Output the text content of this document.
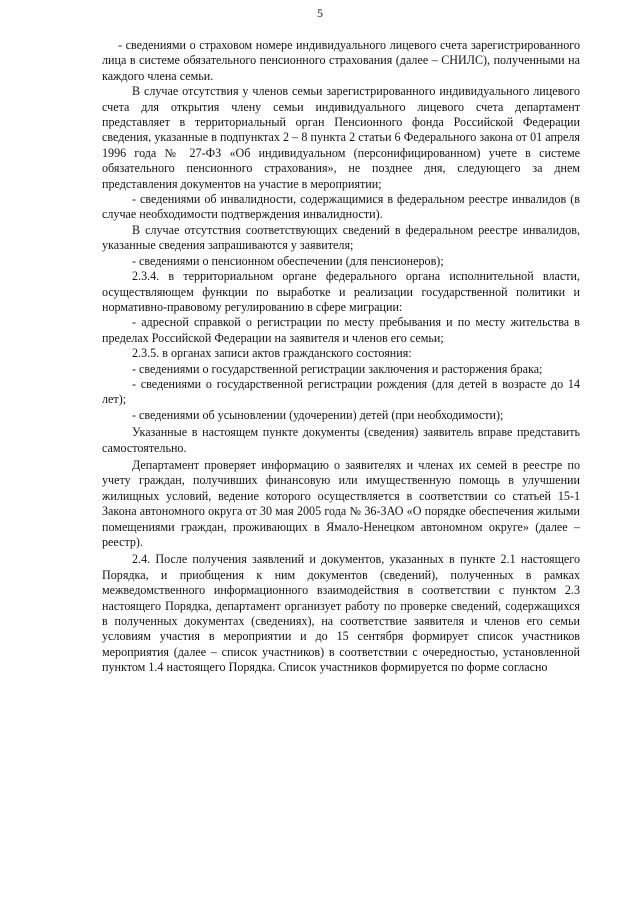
5

- сведениями о страховом номере индивидуального лицевого счета зарегистрированного лица в системе обязательного пенсионного страхования (далее – СНИЛС), полученными на каждого члена семьи.

В случае отсутствия у членов семьи зарегистрированного индивидуального лицевого счета для открытия члену семьи индивидуального лицевого счета департамент представляет в территориальный орган Пенсионного фонда Российской Федерации сведения, указанные в подпунктах 2 – 8 пункта 2 статьи 6 Федерального закона от 01 апреля 1996 года № 27-ФЗ «Об индивидуальном (персонифицированном) учете в системе обязательного пенсионного страхования», не позднее дня, следующего за днем представления документов на участие в мероприятии;

- сведениями об инвалидности, содержащимися в федеральном реестре инвалидов (в случае необходимости подтверждения инвалидности).

В случае отсутствия соответствующих сведений в федеральном реестре инвалидов, указанные сведения запрашиваются у заявителя;

- сведениями о пенсионном обеспечении (для пенсионеров);

2.3.4. в территориальном органе федерального органа исполнительной власти, осуществляющем функции по выработке и реализации государственной политики и нормативно-правовому регулированию в сфере миграции:

- адресной справкой о регистрации по месту пребывания и по месту жительства в пределах Российской Федерации на заявителя и членов его семьи;

2.3.5. в органах записи актов гражданского состояния:

- сведениями о государственной регистрации заключения и расторжения брака;

- сведениями о государственной регистрации рождения (для детей в возрасте до 14 лет);

- сведениями об усыновлении (удочерении) детей (при необходимости);

Указанные в настоящем пункте документы (сведения) заявитель вправе представить самостоятельно.

Департамент проверяет информацию о заявителях и членах их семей в реестре по учету граждан, получивших финансовую или имущественную помощь в улучшении жилищных условий, ведение которого осуществляется в соответствии со статьей 15-1 Закона автономного округа от 30 мая 2005 года № 36-ЗАО «О порядке обеспечения жилыми помещениями граждан, проживающих в Ямало-Ненецком автономном округе» (далее – реестр).

2.4. После получения заявлений и документов, указанных в пункте 2.1 настоящего Порядка, и приобщения к ним документов (сведений), полученных в рамках межведомственного информационного взаимодействия в соответствии с пунктом 2.3 настоящего Порядка, департамент организует работу по проверке сведений, содержащихся в полученных документах (сведениях), на соответствие заявителя и членов его семьи условиям участия в мероприятии и до 15 сентября формирует список участников мероприятия (далее – список участников) в соответствии с очередностью, установленной пунктом 1.4 настоящего Порядка. Список участников формируется по форме согласно
